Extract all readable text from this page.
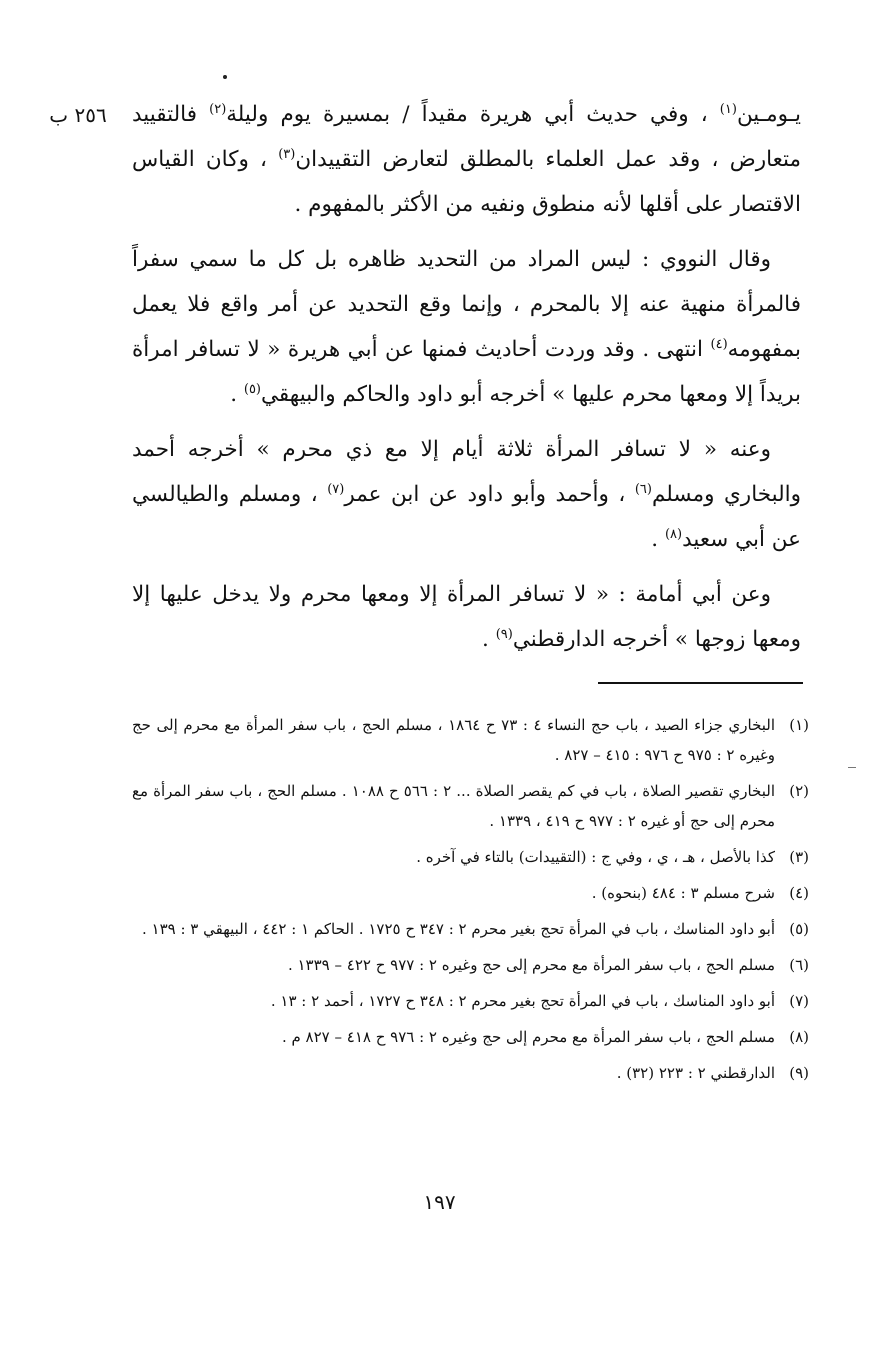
٢٥٦ ب	يـومـين$^{(١)}$ ، وفي حديث أبي هريرة مقيداً / بمسيرة يوم وليلة$^{(٢)}$ فالتقييد متعارض ، وقد عمل العلماء بالمطلق لتعارض التقييدان$^{(٣)}$ ، وكان القياس الاقتصار على أقلها لأنه منطوق ونفيه من الأكثر بالمفهوم .

وقال النووي : ليس المراد من التحديد ظاهره بل كل ما سمي سفراً فالمرأة منهية عنه إلا بالمحرم ، وإنما وقع التحديد عن أمر واقع فلا يعمل بمفهومه$^{(٤)}$ انتهى . وقد وردت أحاديث فمنها عن أبي هريرة « لا تسافر امرأة بريداً إلا ومعها محرم عليها » أخرجه أبو داود والحاكم والبيهقي$^{(٥)}$ .

وعنه « لا تسافر المرأة ثلاثة أيام إلا مع ذي محرم » أخرجه أحمد والبخاري ومسلم$^{(٦)}$ ، وأحمد وأبو داود عن ابن عمر$^{(٧)}$ ، ومسلم والطيالسي عن أبي سعيد$^{(٨)}$ .

وعن أبي أمامة : « لا تسافر المرأة إلا ومعها محرم ولا يدخل عليها إلا ومعها زوجها » أخرجه الدارقطني$^{(٩)}$ .

(١)
البخاري جزاء الصيد ، باب حج النساء ٤ : ٧٣ ح ١٨٦٤ ، مسلم الحج ، باب سفر المرأة مع محرم إلى حج وغيره ٢ : ٩٧٥ ح ٩٧٦ : ٤١٥ – ٨٢٧ .
(٢)
البخاري تقصير الصلاة ، باب في كم يقصر الصلاة ... ٢ : ٥٦٦ ح ١٠٨٨ . مسلم الحج ، باب سفر المرأة مع محرم إلى حج أو غيره ٢ : ٩٧٧ ح ٤١٩ ، ١٣٣٩ .
(٣)
كذا بالأصل ، هـ ، ي ، وفي ج : (التقييدات) بالتاء في آخره .
(٤)
شرح مسلم ٣ : ٤٨٤ (بنحوه) .
(٥)
أبو داود المناسك ، باب في المرأة تحج بغير محرم ٢ : ٣٤٧ ح ١٧٢٥ . الحاكم ١ : ٤٤٢ ، البيهقي ٣ : ١٣٩ .
(٦)
مسلم الحج ، باب سفر المرأة مع محرم إلى حج وغيره ٢ : ٩٧٧ ح ٤٢٢ – ١٣٣٩ .
(٧)
أبو داود المناسك ، باب في المرأة تحج بغير محرم ٢ : ٣٤٨ ح ١٧٢٧ ، أحمد ٢ : ١٣ .
(٨)
مسلم الحج ، باب سفر المرأة مع محرم إلى حج وغيره ٢ : ٩٧٦ ح ٤١٨ – ٨٢٧ م .
(٩)
الدارقطني ٢ : ٢٢٣ (٣٢) .
١٩٧
